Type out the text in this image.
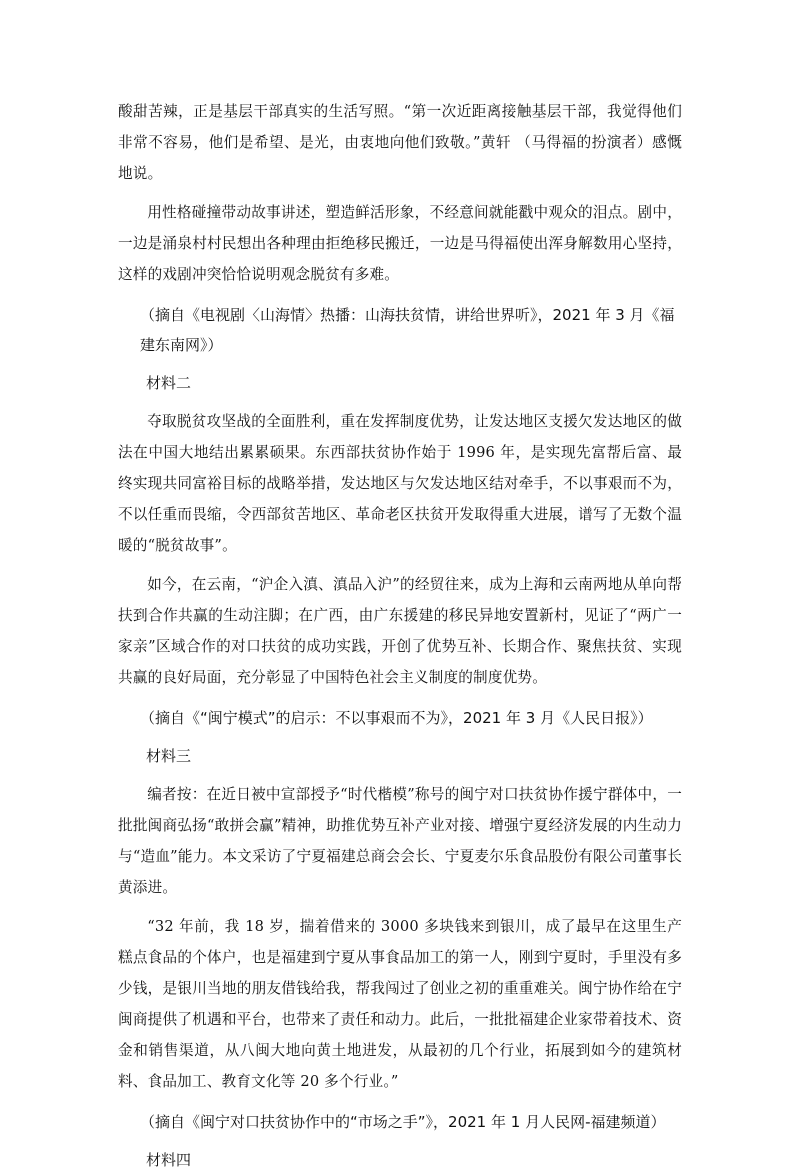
酸甜苦辣，正是基层干部真实的生活写照。“第一次近距离接触基层干部，我觉得他们非常不容易，他们是希望、是光，由衷地向他们致敬。”黄轩 （马得福的扮演者）感慨地说。

用性格碰撞带动故事讲述，塑造鲜活形象，不经意间就能戳中观众的泪点。剧中，一边是涌泉村村民想出各种理由拒绝移民搬迁，一边是马得福使出浑身解数用心坚持，这样的戏剧冲突恰恰说明观念脱贫有多难。

（摘自《电视剧〈山海情〉热播：山海扶贫情，讲给世界听》，2021 年 3 月《福建东南网》）

材料二

夺取脱贫攻坚战的全面胜利，重在发挥制度优势，让发达地区支援欠发达地区的做法在中国大地结出累累硕果。东西部扶贫协作始于 1996 年，是实现先富帮后富、最终实现共同富裕目标的战略举措，发达地区与欠发达地区结对牵手，不以事艰而不为，不以任重而畏缩，令西部贫苦地区、革命老区扶贫开发取得重大进展，谱写了无数个温暖的“脱贫故事”。

如今，在云南，“沪企入滇、滇品入沪”的经贸往来，成为上海和云南两地从单向帮扶到合作共赢的生动注脚；在广西，由广东援建的移民异地安置新村，见证了“两广一家亲”区域合作的对口扶贫的成功实践，开创了优势互补、长期合作、聚焦扶贫、实现共赢的良好局面，充分彰显了中国特色社会主义制度的制度优势。

（摘自《“闽宁模式”的启示：不以事艰而不为》，2021 年 3 月《人民日报》）

材料三

编者按：在近日被中宣部授予“时代楷模”称号的闽宁对口扶贫协作援宁群体中，一批批闽商弘扬“敢拼会赢”精神，助推优势互补产业对接、增强宁夏经济发展的内生动力与“造血”能力。本文采访了宁夏福建总商会会长、宁夏麦尔乐食品股份有限公司董事长黄添进。

“32 年前，我 18 岁，揣着借来的 3000 多块钱来到银川，成了最早在这里生产糕点食品的个体户，也是福建到宁夏从事食品加工的第一人，刚到宁夏时，手里没有多少钱，是银川当地的朋友借钱给我，帮我闯过了创业之初的重重难关。闽宁协作给在宁闽商提供了机遇和平台，也带来了责任和动力。此后，一批批福建企业家带着技术、资金和销售渠道，从八闽大地向黄土地进发，从最初的几个行业，拓展到如今的建筑材料、食品加工、教育文化等 20 多个行业。”

（摘自《闽宁对口扶贫协作中的“市场之手”》，2021 年 1 月人民网-福建频道）

材料四
